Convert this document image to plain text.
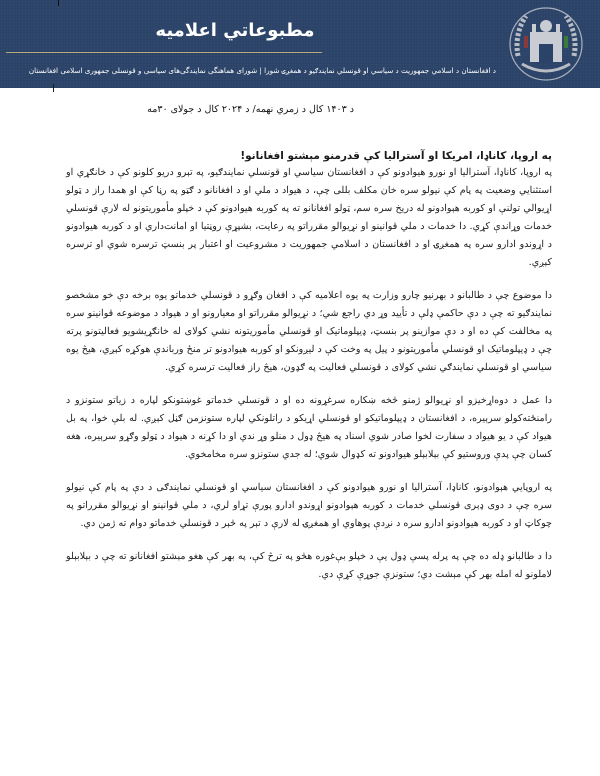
مطبوعاتي اعلاميه
د افغانستان د اسلامي جمهوریت د سیاسي او قونسلي نمایندګیو د همغږۍ شورا | شورای هماهنگی نمایندگی‌های سیاسی و قونسلی جمهوری اسلامی افغانستان
د ۱۴۰۳ کال د زمري نهمه/ د ۲۰۲۴ کال د جولای ۳۰مه
په اروپا، کاناډا، امریکا او آسترالیا کې قدرمنو مېشتو افغانانو!

په اروپا، کاناډا، آسترالیا او نورو هیوادونو کې د افغانستان سیاسي او قونسلي نمایندګیو، په تېرو دریو کلونو کې د خانګړي او استثنايي وضعیت په پام کې نیولو سره خان مکلف بللی چې، د هیواد د ملي او د افغانانو د ګټو په رڼا کې او همدا راز د ټولو اړیوالي تولنې او کوربه هېوادونو له دریخ سره سم، ټولو افغانانو ته په کوربه هیوادونو کې د خپلو مأموریتونو له لارې قونسلي خدمات وړاندې کړي. دا خدمات د ملي قوانینو او نړیوالو مقرراتو په رعایت، بشپړې روڼتیا او امانت‌داري او د کوربه هیوادونو د اړوندو ادارو سره په همغږۍ او د افغانستان د اسلامي جمهوریت د مشروعیت او اعتبار پر بنسټ ترسره شوي او ترسره کېږي.

دا موضوع چې د طالبانو د بهرنیو چارو وزارت په یوه اعلامیه کې د افغان وګړو د قونسلي خدماتو یوه برخه دې خو مشخصو نمایندګیو ته چې د دې حاکمې ډلې د تأیید وړ دي راجع شي؛ د نړیوالو مقرراتو او معیارونو او د هیواد د موضوعه قوانینو سره په مخالفت کې ده او د دې موازینو پر بنسټ، ډیپلوماتیک او قونسلي مأموریتونه نشي کولای له خانګړيشویو فعالیتونو پرته چې د ډیپلوماتیک او قونسلي مأموریتونو د پیل په وخت کې د لیږونکو او کوربه هیوادونو تر منځ ورباندې هوکړه کېږي، هیڅ یوه سیاسي او قونسلي نمایندګي نشي کولای د قونسلي فعالیت په ګډون، هیڅ راز فعالیت ترسره کړي.

دا عمل د دوه‌اړخیزو او نړیوالو ژمنو څخه ښکاره سرغړونه ده او د قونسلي خدماتو غوښتونکو لپاره د زیاتو ستونزو د رامنځته‌کولو سرېیره، د افغانستان د ډیپلوماتیکو او قونسلي اړیکو د راتلونکي لپاره ستونزمن ګڼل کېږي. له بلې خوا، په بل هیواد کې د یو هیواد د سفارت لخوا صادر شوي اسناد په هیڅ ډول د منلو وړ ندي او دا کړنه د هیواد د ټولو وګړو سرېیره، هغه کسان چې پدې وروستیو کې بېلابېلو هیوادونو ته کډوال شوي؛ له جدي ستونزو سره مخامخوي.

په اروپايي هېوادونو، کاناډا، آسترالیا او نورو هیوادونو کې د افغانستان سیاسي او قونسلي نمایندګی د دې په پام کې نیولو سره چې د دوی ډېری قونسلي خدمات د کوربه هېوادونو اړوندو ادارو پورې تړاو لري، د ملي قوانینو او نړیوالو مقرراتو په چوکاټ او د کوربه هیوادونو ادارو سره د نږدې پوهاوي او همغږۍ له لارې د تېر په څېر د قونسلي خدماتو دوام ته ژمن دي.

دا د طالبانو ډله ده چې په پرله پسې ډول یې د خپلو بې‌غوره هڅو په ترڅ کې، په بهر کې هغو مېشتو افغانانو ته چې د بېلابېلو لاملونو له امله بهر کې مېشت دي؛ ستونزې جوړې کړې دي.
